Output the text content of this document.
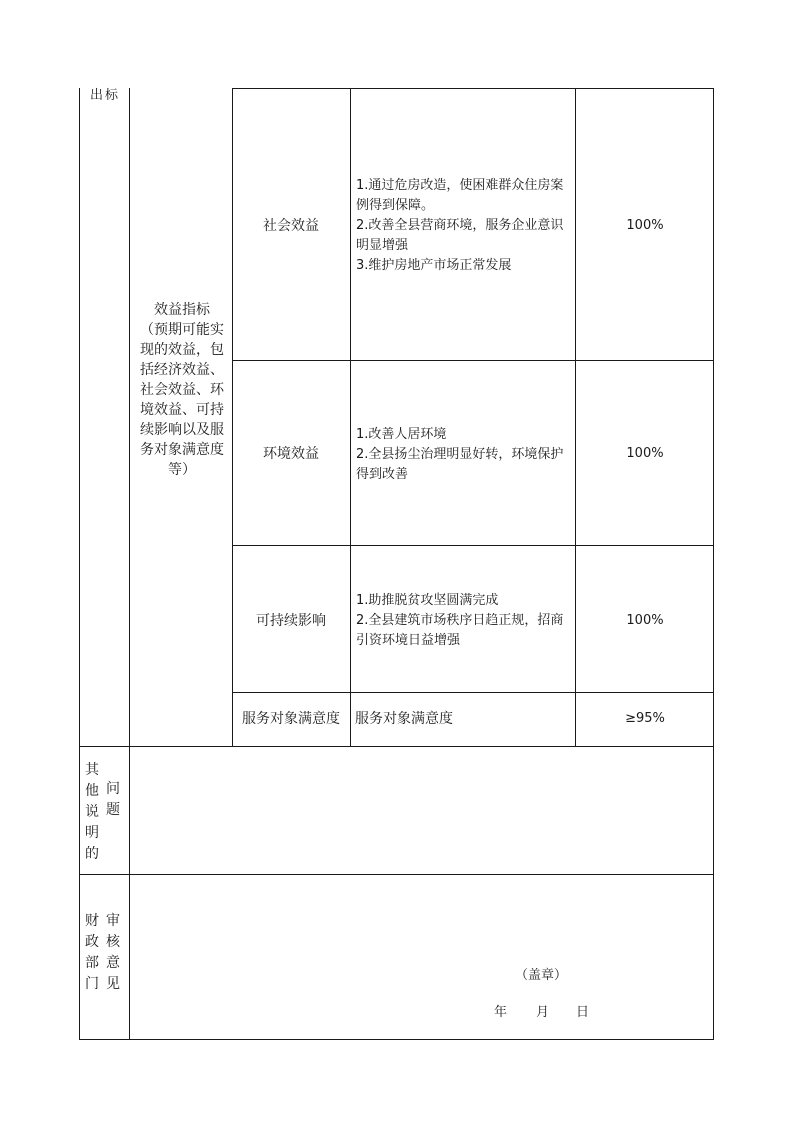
出标
效益指标
（预期可能实现的效益，包括经济效益、社会效益、环境效益、可持续影响以及服务对象满意度等）
社会效益
1.通过危房改造，使困难群众住房案例得到保障。
2.改善全县营商环境，服务企业意识明显增强
3.维护房地产市场正常发展
100%
环境效益
1.改善人居环境
2.全县扬尘治理明显好转，环境保护得到改善
100%
可持续影响
1.助推脱贫攻坚圆满完成
2.全县建筑市场秩序日趋正规，招商引资环境日益增强
100%
服务对象满意度	服务对象满意度	≥95%
其他说明的
问题
财政部门
审核意见
（盖章）
年 月 日
